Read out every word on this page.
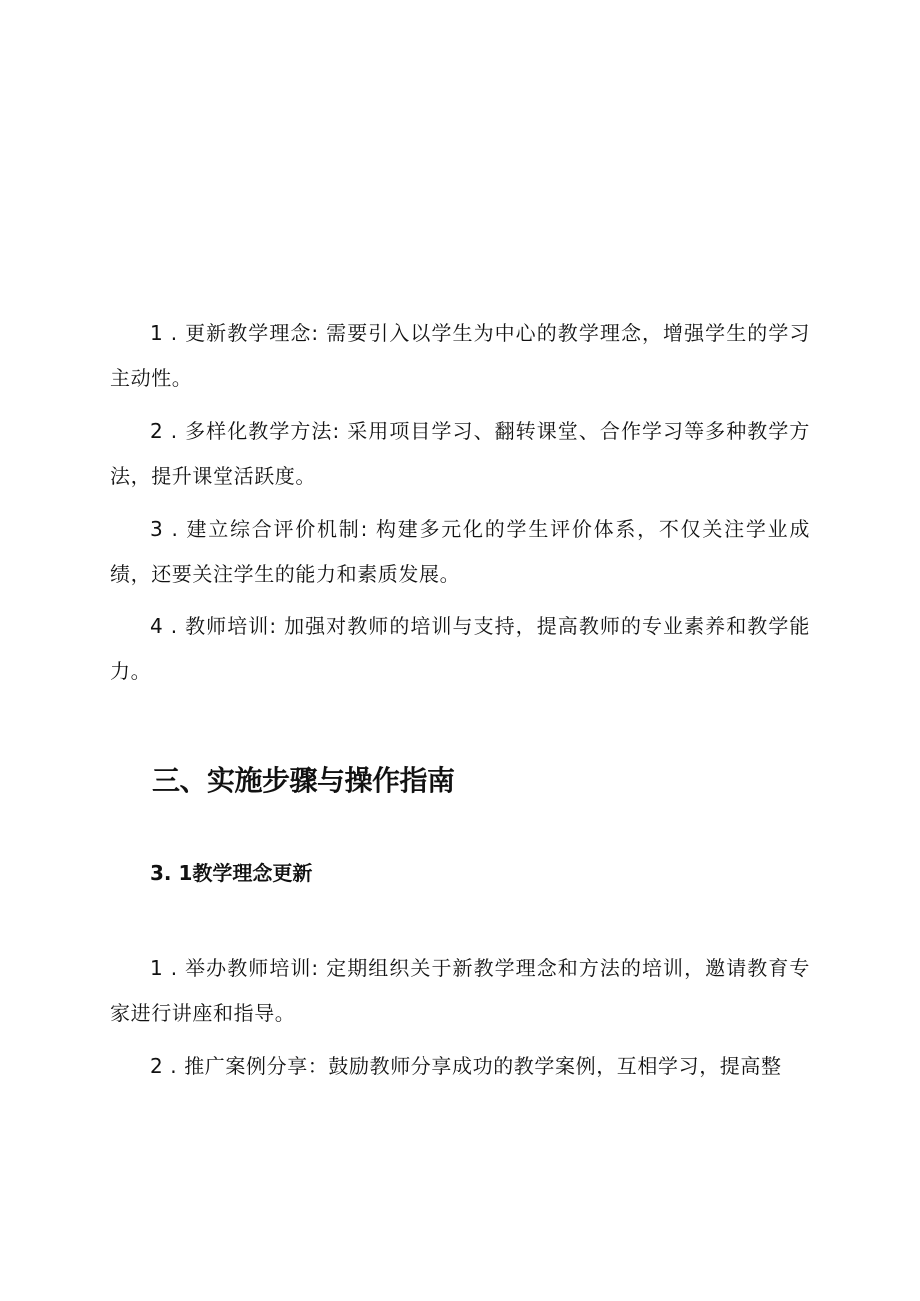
1 . 更新教学理念: 需要引入以学生为中心的教学理念，增强学生的学习主动性。

2 . 多样化教学方法: 采用项目学习、翻转课堂、合作学习等多种教学方法，提升课堂活跃度。

3 . 建立综合评价机制: 构建多元化的学生评价体系，不仅关注学业成绩，还要关注学生的能力和素质发展。

4 . 教师培训: 加强对教师的培训与支持，提高教师的专业素养和教学能力。

三、实施步骤与操作指南
3. 1教学理念更新

1 . 举办教师培训: 定期组织关于新教学理念和方法的培训，邀请教育专家进行讲座和指导。

2 . 推广案例分享：鼓励教师分享成功的教学案例，互相学习，提高整
